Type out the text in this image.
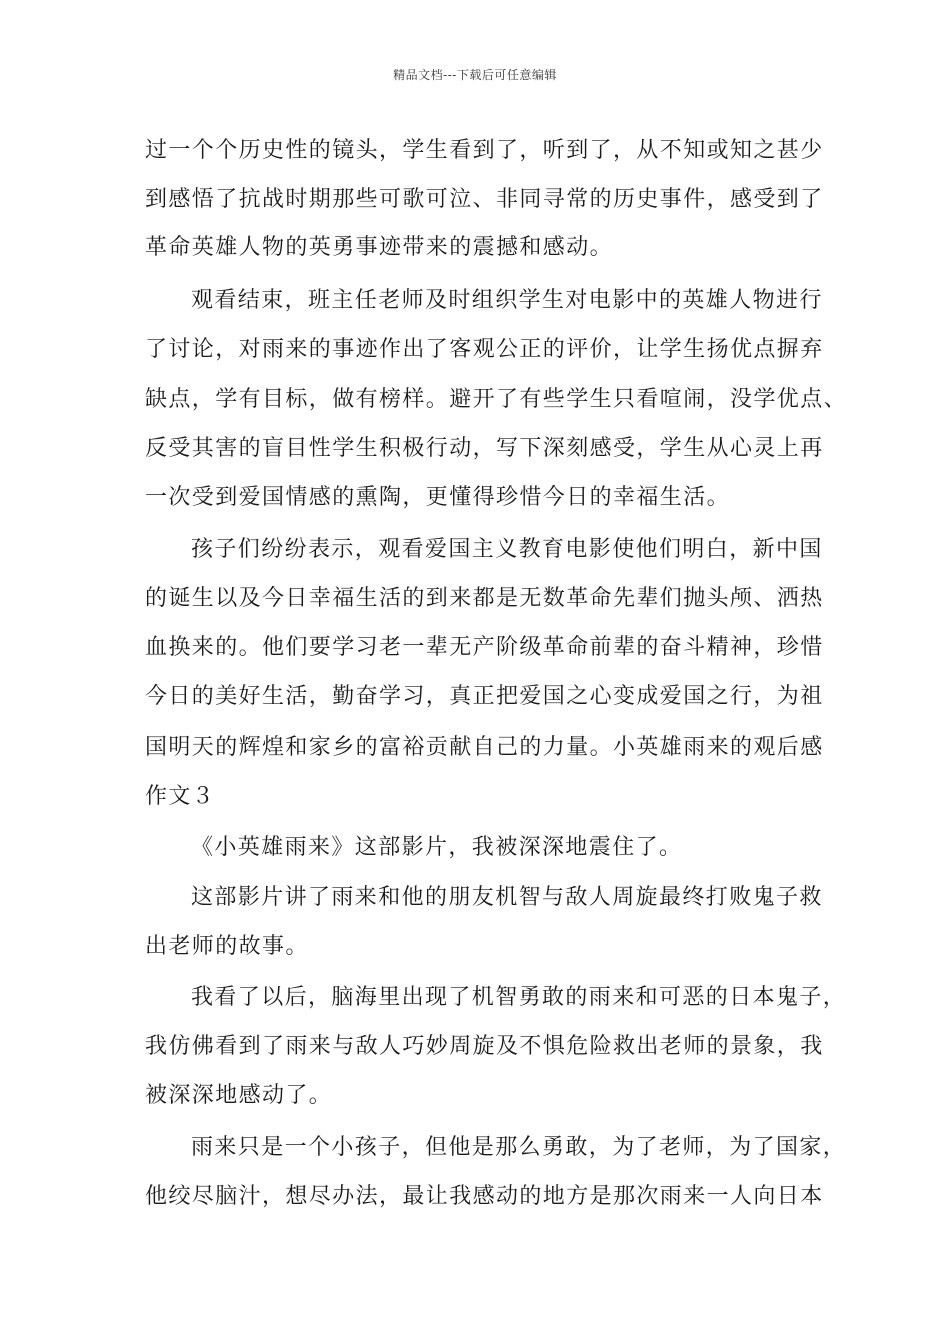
精品文档---下载后可任意编辑
过一个个历史性的镜头，学生看到了，听到了，从不知或知之甚少
到感悟了抗战时期那些可歌可泣、非同寻常的历史事件，感受到了
革命英雄人物的英勇事迹带来的震撼和感动。
观看结束，班主任老师及时组织学生对电影中的英雄人物进行
了讨论，对雨来的事迹作出了客观公正的评价，让学生扬优点摒弃
缺点，学有目标，做有榜样。避开了有些学生只看喧闹，没学优点、
反受其害的盲目性学生积极行动，写下深刻感受，学生从心灵上再
一次受到爱国情感的熏陶，更懂得珍惜今日的幸福生活。
孩子们纷纷表示，观看爱国主义教育电影使他们明白，新中国
的诞生以及今日幸福生活的到来都是无数革命先辈们抛头颅、洒热
血换来的。他们要学习老一辈无产阶级革命前辈的奋斗精神，珍惜
今日的美好生活，勤奋学习，真正把爱国之心变成爱国之行，为祖
国明天的辉煌和家乡的富裕贡献自己的力量。小英雄雨来的观后感
作文３
《小英雄雨来》这部影片，我被深深地震住了。
这部影片讲了雨来和他的朋友机智与敌人周旋最终打败鬼子救
出老师的故事。
我看了以后，脑海里出现了机智勇敢的雨来和可恶的日本鬼子，
我仿佛看到了雨来与敌人巧妙周旋及不惧危险救出老师的景象，我
被深深地感动了。
雨来只是一个小孩子，但他是那么勇敢，为了老师，为了国家，
他绞尽脑汁，想尽办法，最让我感动的地方是那次雨来一人向日本
